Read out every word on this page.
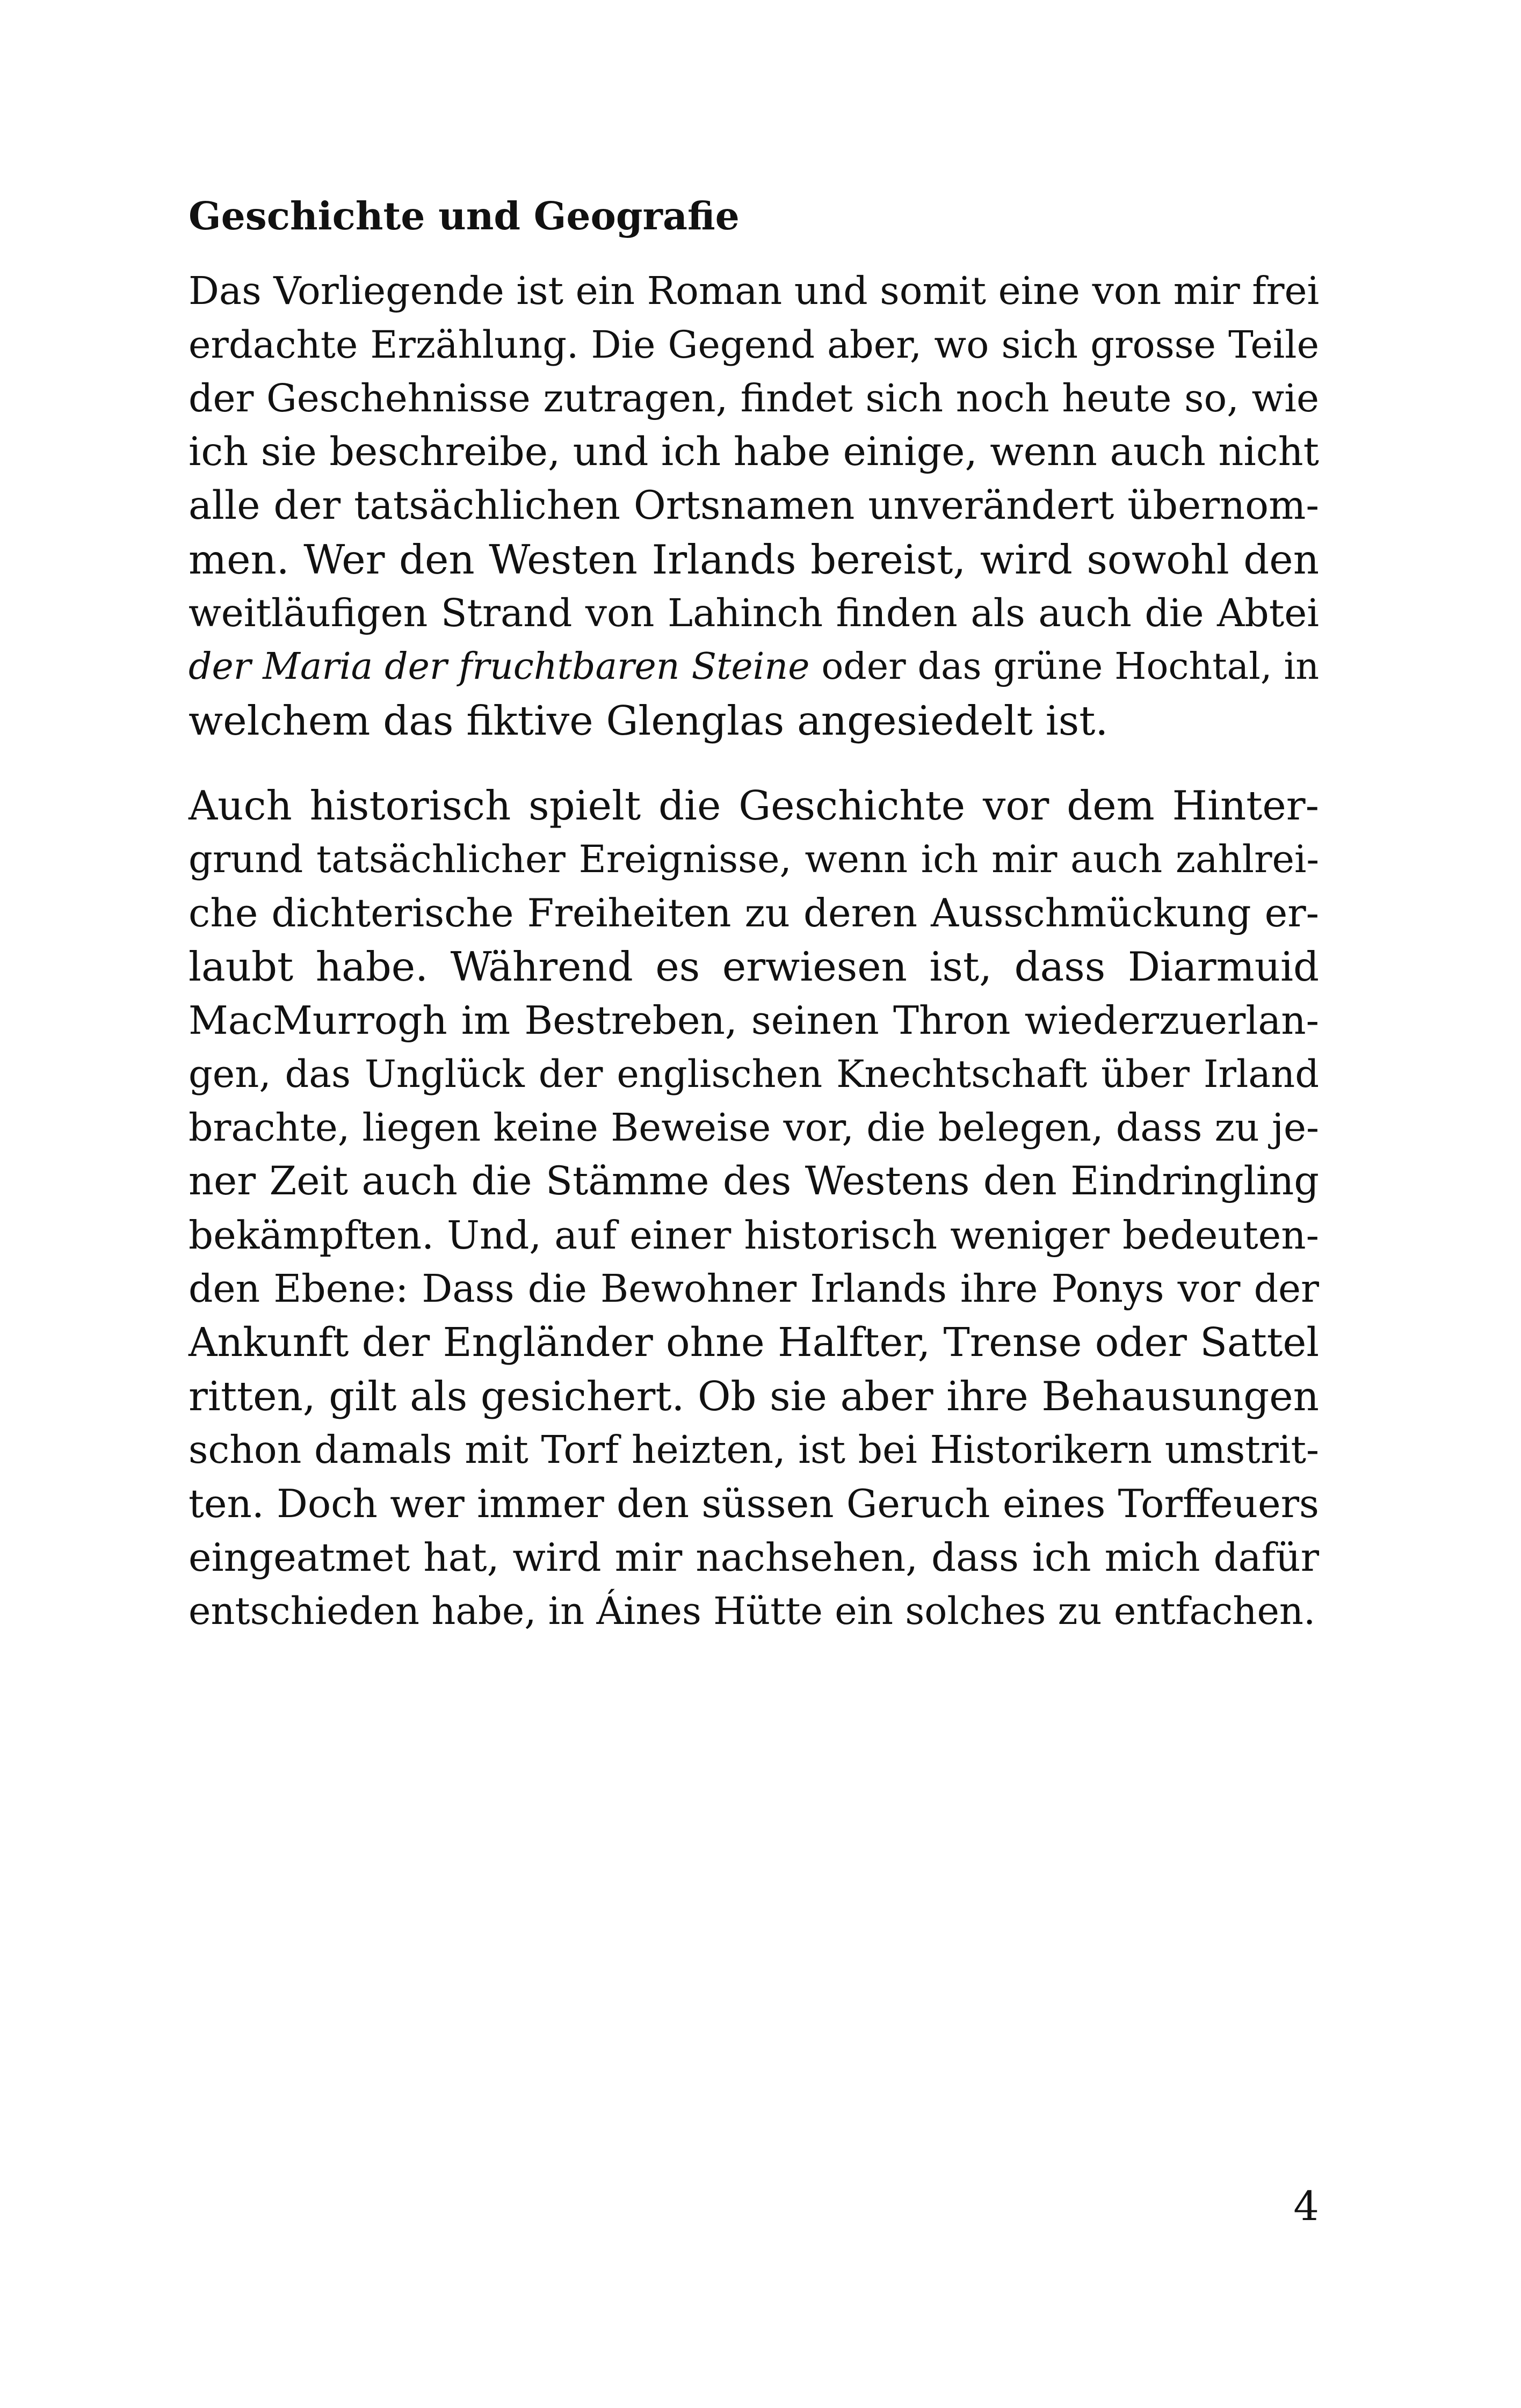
Geschichte und Geografie

Das Vorliegende ist ein Roman und somit eine von mir frei
erdachte Erzählung. Die Gegend aber, wo sich grosse Teile
der Geschehnisse zutragen, findet sich noch heute so, wie
ich sie beschreibe, und ich habe einige, wenn auch nicht
alle der tatsächlichen Ortsnamen unverändert übernom-
men. Wer den Westen Irlands bereist, wird sowohl den
weitläufigen Strand von Lahinch finden als auch die Abtei
der Maria der fruchtbaren Steine oder das grüne Hochtal, in
welchem das fiktive Glenglas angesiedelt ist.

Auch historisch spielt die Geschichte vor dem Hinter-
grund tatsächlicher Ereignisse, wenn ich mir auch zahlrei-
che dichterische Freiheiten zu deren Ausschmückung er-
laubt habe. Während es erwiesen ist, dass Diarmuid
MacMurrogh im Bestreben, seinen Thron wiederzuerlan-
gen, das Unglück der englischen Knechtschaft über Irland
brachte, liegen keine Beweise vor, die belegen, dass zu je-
ner Zeit auch die Stämme des Westens den Eindringling
bekämpften. Und, auf einer historisch weniger bedeuten-
den Ebene: Dass die Bewohner Irlands ihre Ponys vor der
Ankunft der Engländer ohne Halfter, Trense oder Sattel
ritten, gilt als gesichert. Ob sie aber ihre Behausungen
schon damals mit Torf heizten, ist bei Historikern umstrit-
ten. Doch wer immer den süssen Geruch eines Torffeuers
eingeatmet hat, wird mir nachsehen, dass ich mich dafür
entschieden habe, in Áines Hütte ein solches zu entfachen.

4
